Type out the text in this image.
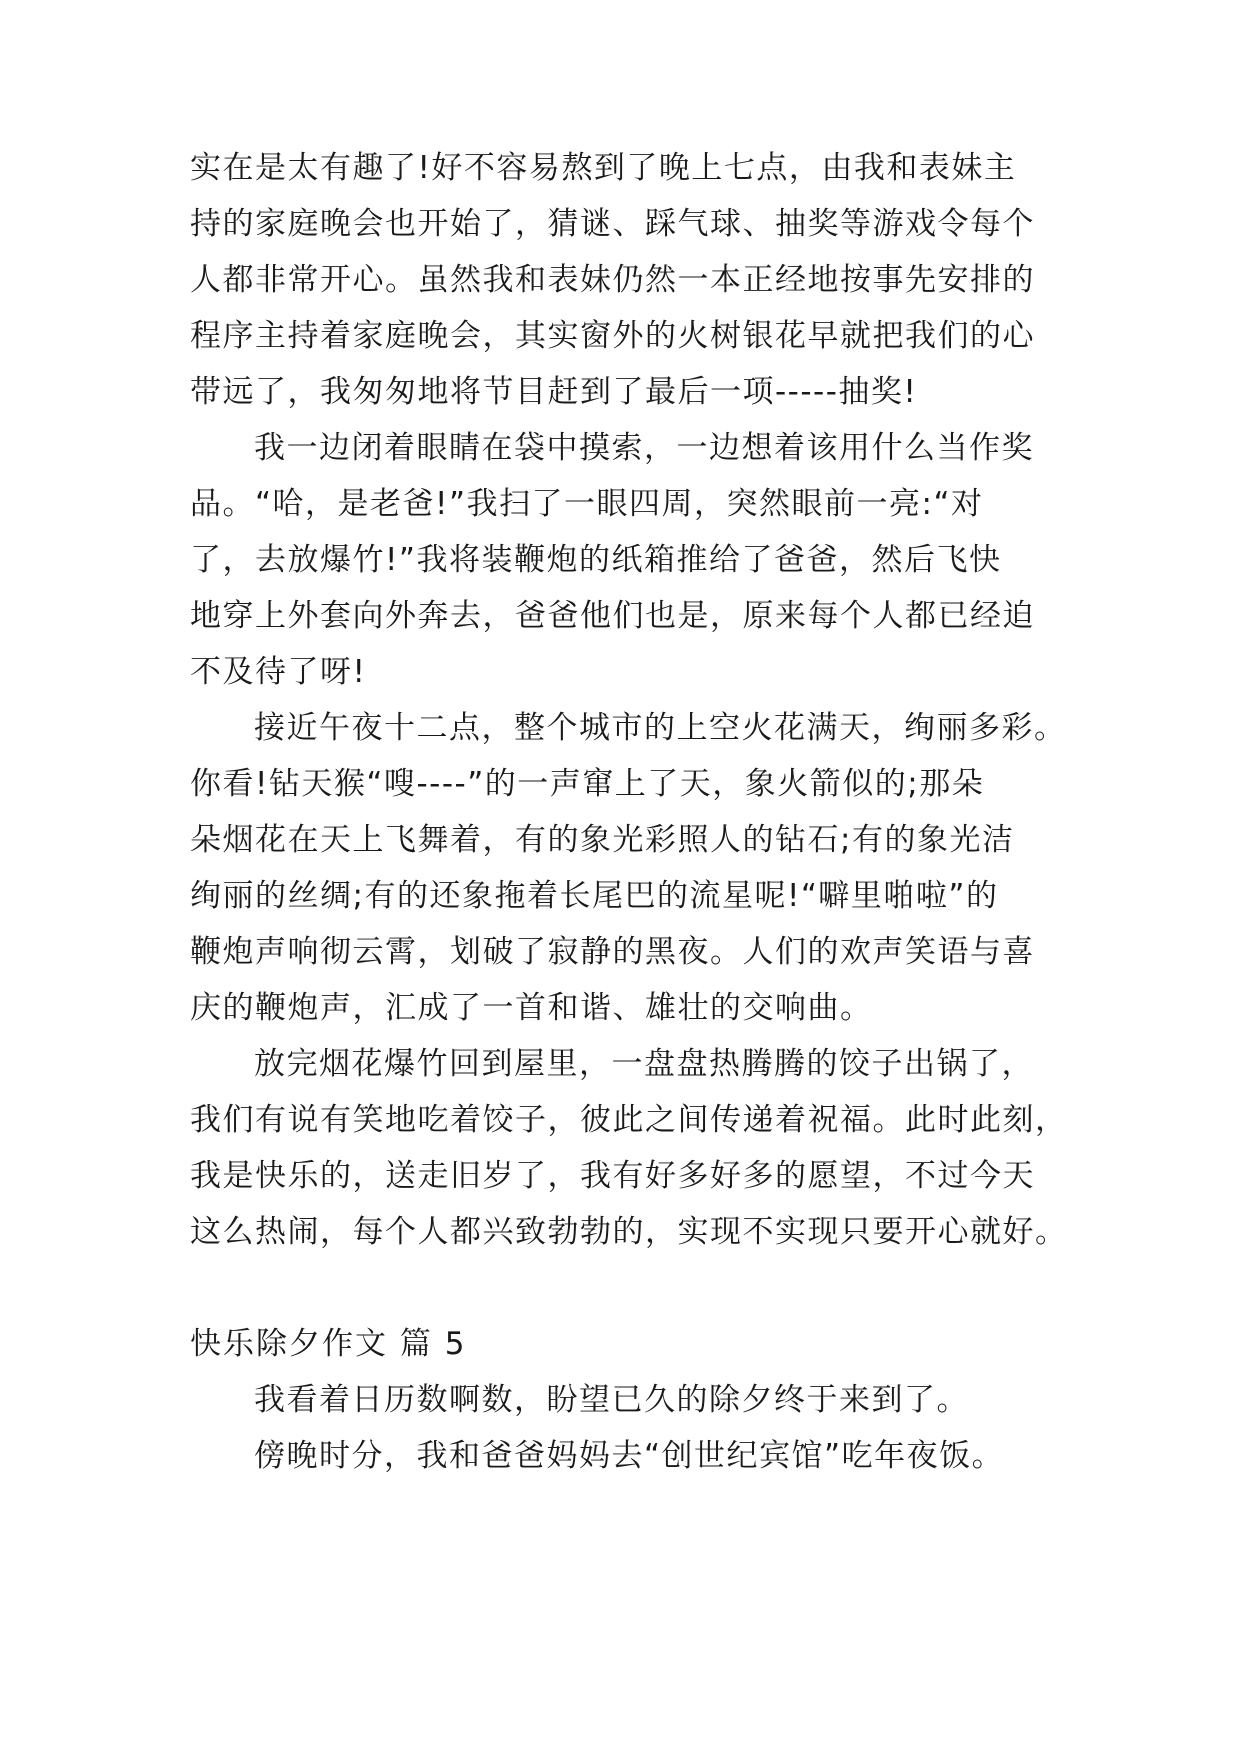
实在是太有趣了!好不容易熬到了晚上七点，由我和表妹主
持的家庭晚会也开始了，猜谜、踩气球、抽奖等游戏令每个
人都非常开心。虽然我和表妹仍然一本正经地按事先安排的
程序主持着家庭晚会，其实窗外的火树银花早就把我们的心
带远了，我匆匆地将节目赶到了最后一项-----抽奖!
我一边闭着眼睛在袋中摸索，一边想着该用什么当作奖
品。“哈，是老爸!”我扫了一眼四周，突然眼前一亮:“对
了，去放爆竹!”我将装鞭炮的纸箱推给了爸爸，然后飞快
地穿上外套向外奔去，爸爸他们也是，原来每个人都已经迫
不及待了呀!
接近午夜十二点，整个城市的上空火花满天，绚丽多彩。
你看!钻天猴“嗖----”的一声窜上了天，象火箭似的;那朵
朵烟花在天上飞舞着，有的象光彩照人的钻石;有的象光洁
绚丽的丝绸;有的还象拖着长尾巴的流星呢!“噼里啪啦”的
鞭炮声响彻云霄，划破了寂静的黑夜。人们的欢声笑语与喜
庆的鞭炮声，汇成了一首和谐、雄壮的交响曲。
放完烟花爆竹回到屋里，一盘盘热腾腾的饺子出锅了，
我们有说有笑地吃着饺子，彼此之间传递着祝福。此时此刻，
我是快乐的，送走旧岁了，我有好多好多的愿望，不过今天
这么热闹，每个人都兴致勃勃的，实现不实现只要开心就好。
快乐除夕作文 篇 5
我看着日历数啊数，盼望已久的除夕终于来到了。
傍晚时分，我和爸爸妈妈去“创世纪宾馆”吃年夜饭。
